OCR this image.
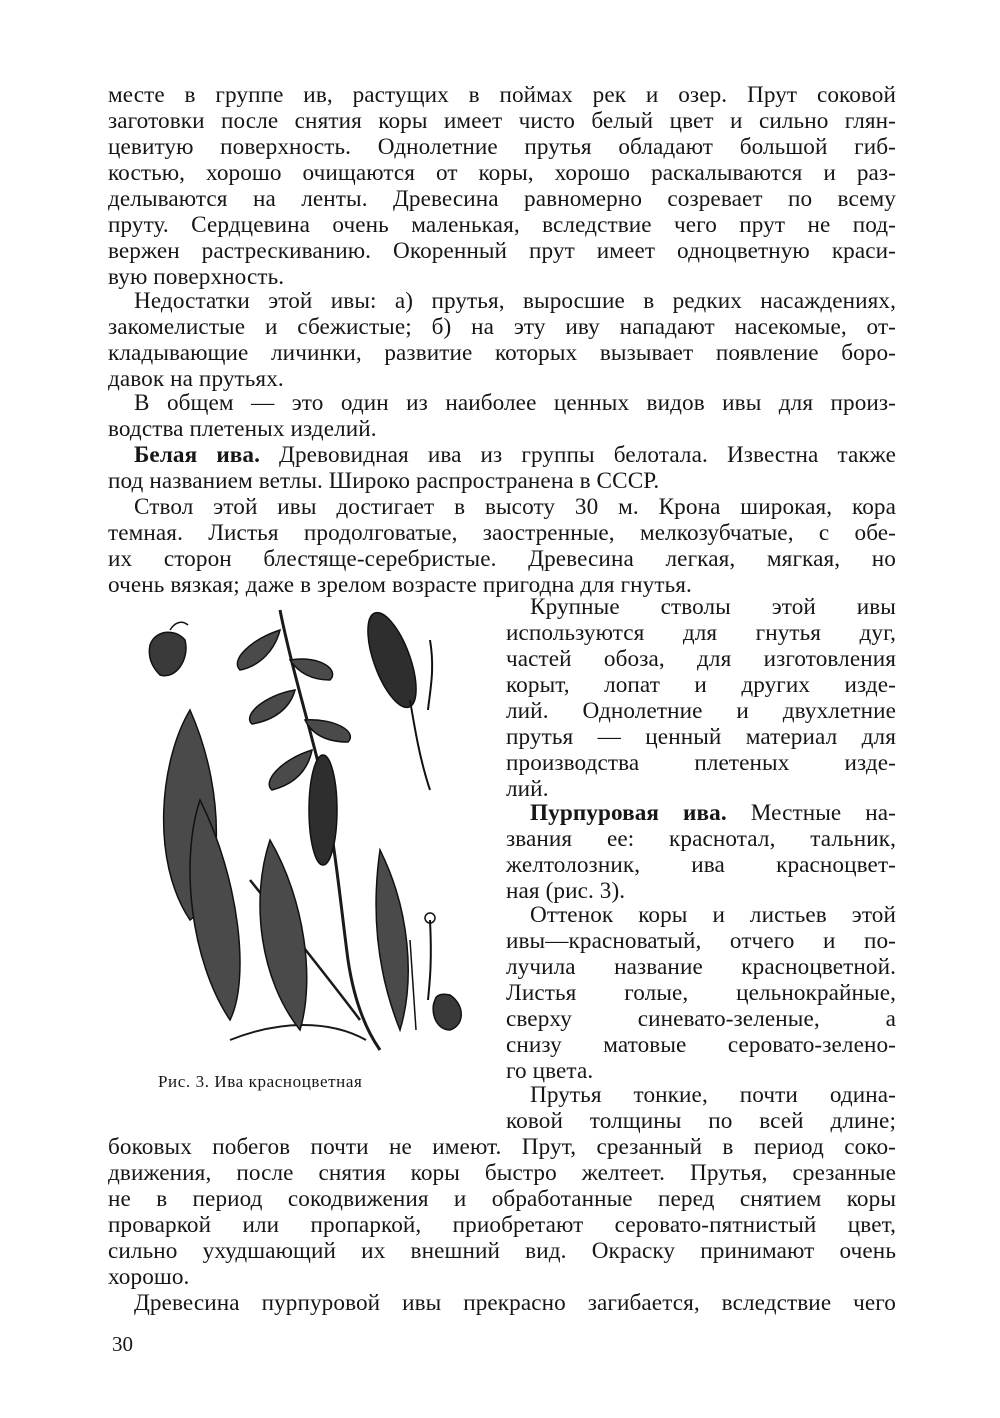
месте в группе ив, растущих в поймах рек и озер. Прут соковой

заготовки после снятия коры имеет чисто белый цвет и сильно глян-

цевитую поверхность. Однолетние прутья обладают большой гиб-

костью, хорошо очищаются от коры, хорошо раскалываются и раз-

делываются на ленты. Древесина равномерно созревает по всему

пруту. Сердцевина очень маленькая, вследствие чего прут не под-

вержен растрескиванию. Окоренный прут имеет одноцветную краси-

вую поверхность.

Недостатки этой ивы: а) прутья, выросшие в редких насаждениях,

закомелистые и сбежистые; б) на эту иву нападают насекомые, от-

кладывающие личинки, развитие которых вызывает появление боро-

давок на прутьях.

В общем — это один из наиболее ценных видов ивы для произ-

водства плетеных изделий.

Белая ива. Древовидная ива из группы белотала. Известна также

под названием ветлы. Широко распространена в СССР.

Ствол этой ивы достигает в высоту 30 м. Крона широкая, кора

темная. Листья продолговатые, заостренные, мелкозубчатые, с обе-

их сторон блестяще-серебристые. Древесина легкая, мягкая, но

очень вязкая; даже в зрелом возрасте пригодна для гнутья.

Рис. 3. Ива красноцветная

Крупные стволы этой ивы

используются для гнутья дуг,

частей обоза, для изготовления

корыт, лопат и других изде-

лий. Однолетние и двухлетние

прутья — ценный материал для

производства плетеных изде-

лий.

Пурпуровая ива. Местные на-

звания ее: краснотал, тальник,

желтолозник, ива красноцвет-

ная (рис. 3).

Оттенок коры и листьев этой

ивы—красноватый, отчего и по-

лучила название красноцветной.

Листья голые, цельнокрайные,

сверху синевато-зеленые, а

снизу матовые серовато-зелено-

го цвета.

Прутья тонкие, почти одина-

ковой толщины по всей длине;

боковых побегов почти не имеют. Прут, срезанный в период соко-

движения, после снятия коры быстро желтеет. Прутья, срезанные

не в период сокодвижения и обработанные перед снятием коры

проваркой или пропаркой, приобретают серовато-пятнистый цвет,

сильно ухудшающий их внешний вид. Окраску принимают очень

хорошо.

Древесина пурпуровой ивы прекрасно загибается, вследствие чего

30
